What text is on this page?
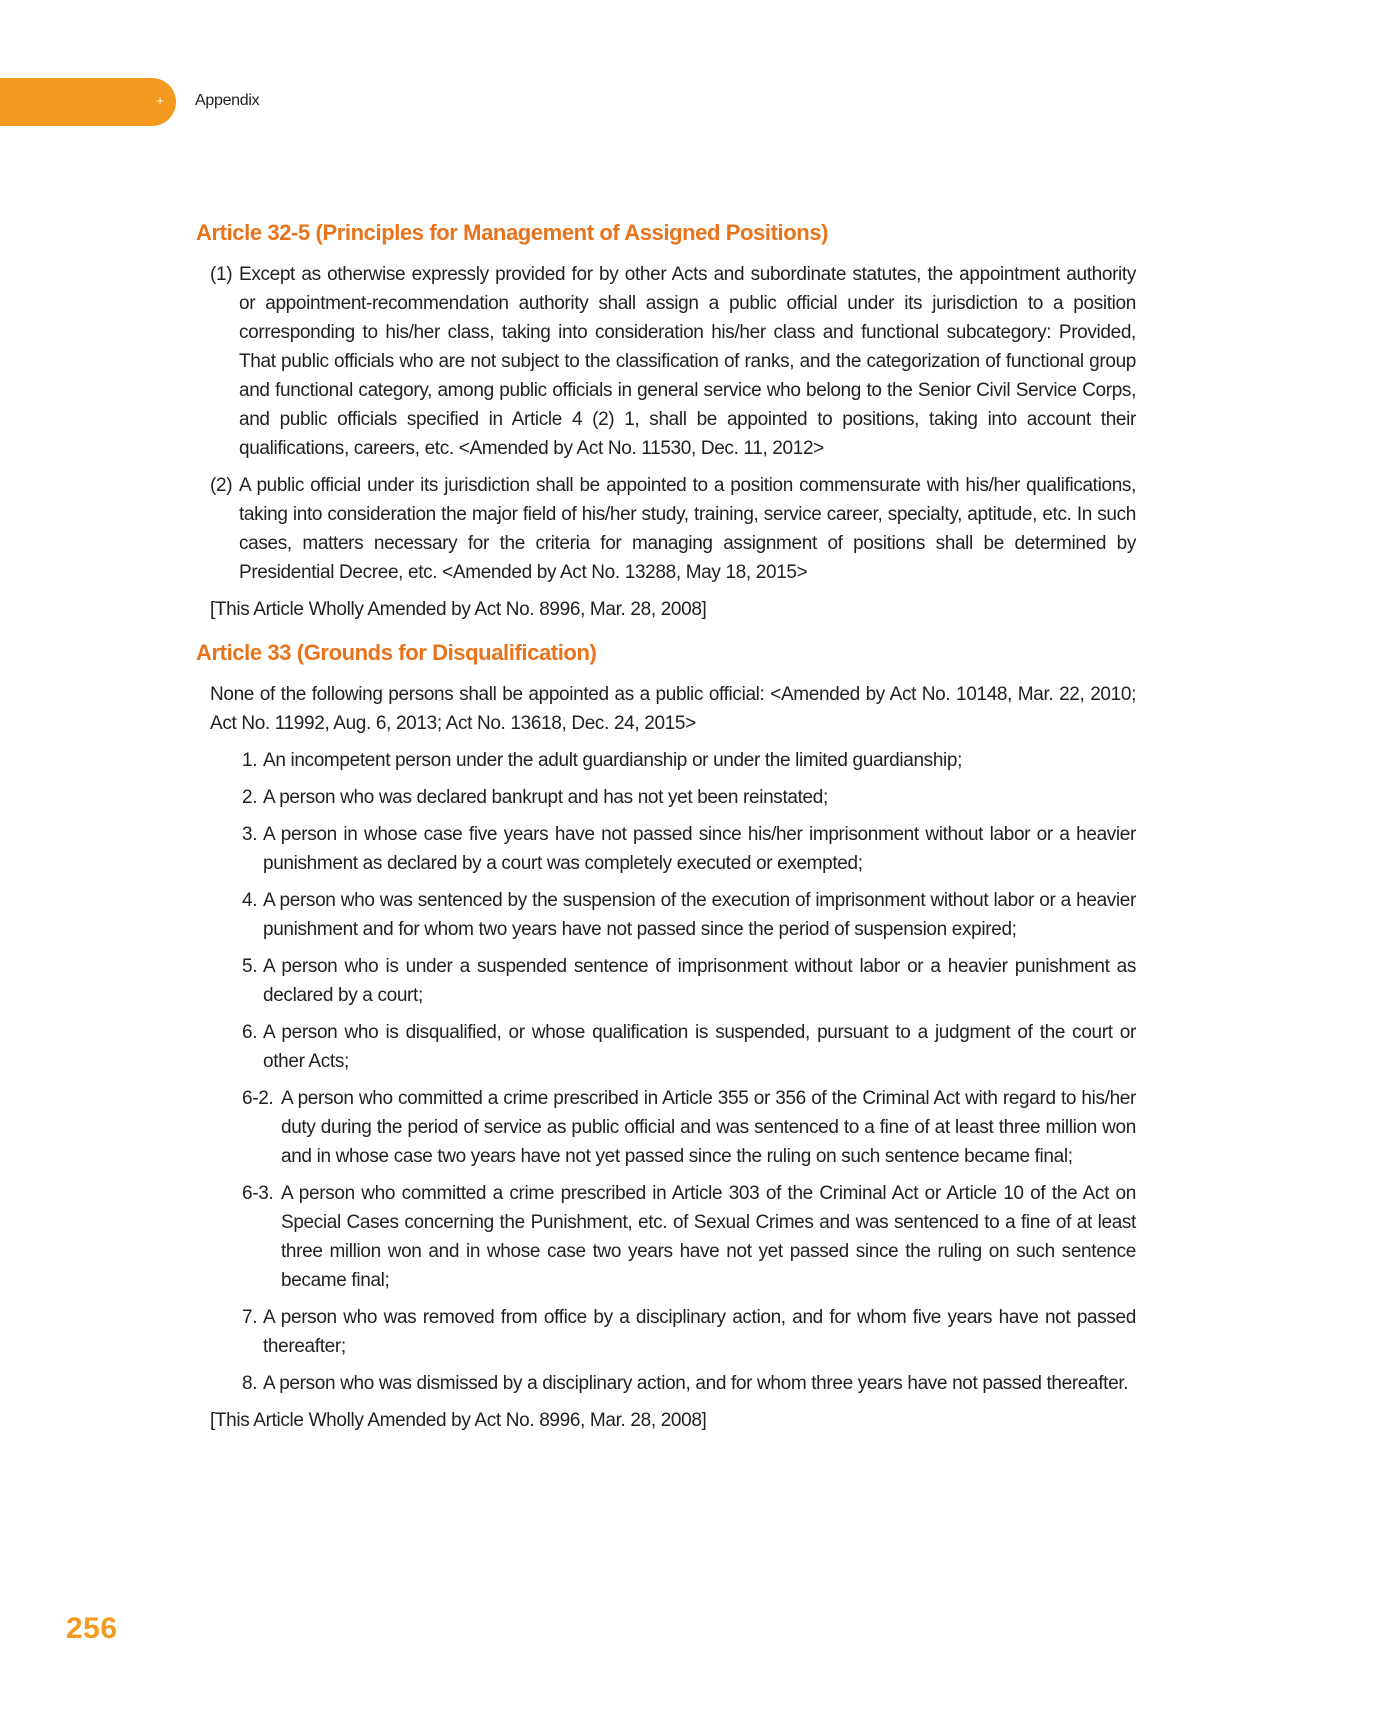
+	Appendix
Article 32-5 (Principles for Management of Assigned Positions)
(1) Except as otherwise expressly provided for by other Acts and subordinate statutes, the appointment authority or appointment-recommendation authority shall assign a public official under its jurisdiction to a position corresponding to his/her class, taking into consideration his/her class and functional subcategory: Provided, That public officials who are not subject to the classification of ranks, and the categorization of functional group and functional category, among public officials in general service who belong to the Senior Civil Service Corps, and public officials specified in Article 4 (2) 1, shall be appointed to positions, taking into account their qualifications, careers, etc. <Amended by Act No. 11530, Dec. 11, 2012>
(2) A public official under its jurisdiction shall be appointed to a position commensurate with his/her qualifications, taking into consideration the major field of his/her study, training, service career, specialty, aptitude, etc. In such cases, matters necessary for the criteria for managing assignment of positions shall be determined by Presidential Decree, etc. <Amended by Act No. 13288, May 18, 2015>
[This Article Wholly Amended by Act No. 8996, Mar. 28, 2008]
Article 33 (Grounds for Disqualification)
None of the following persons shall be appointed as a public official: <Amended by Act No. 10148, Mar. 22, 2010; Act No. 11992, Aug. 6, 2013; Act No. 13618, Dec. 24, 2015>
1. An incompetent person under the adult guardianship or under the limited guardianship;
2. A person who was declared bankrupt and has not yet been reinstated;
3. A person in whose case five years have not passed since his/her imprisonment without labor or a heavier punishment as declared by a court was completely executed or exempted;
4. A person who was sentenced by the suspension of the execution of imprisonment without labor or a heavier punishment and for whom two years have not passed since the period of suspension expired;
5. A person who is under a suspended sentence of imprisonment without labor or a heavier punishment as declared by a court;
6. A person who is disqualified, or whose qualification is suspended, pursuant to a judgment of the court or other Acts;
6-2. A person who committed a crime prescribed in Article 355 or 356 of the Criminal Act with regard to his/her duty during the period of service as public official and was sentenced to a fine of at least three million won and in whose case two years have not yet passed since the ruling on such sentence became final;
6-3. A person who committed a crime prescribed in Article 303 of the Criminal Act or Article 10 of the Act on Special Cases concerning the Punishment, etc. of Sexual Crimes and was sentenced to a fine of at least three million won and in whose case two years have not yet passed since the ruling on such sentence became final;
7. A person who was removed from office by a disciplinary action, and for whom five years have not passed thereafter;
8. A person who was dismissed by a disciplinary action, and for whom three years have not passed thereafter.
[This Article Wholly Amended by Act No. 8996, Mar. 28, 2008]
256
